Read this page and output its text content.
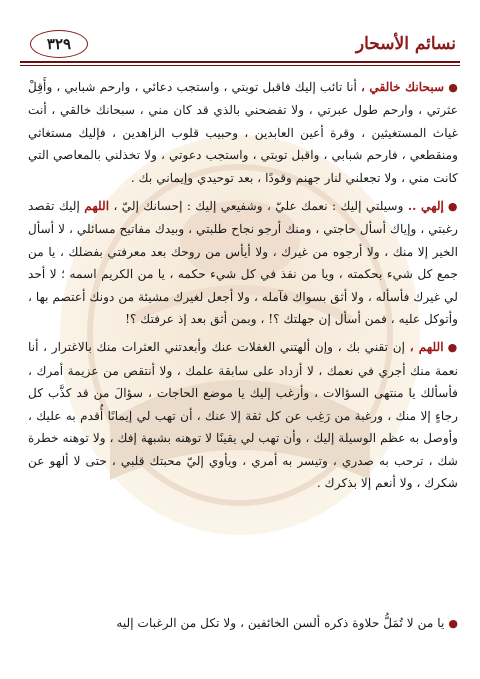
نسائم الأسحار
٣٢٩

●سبحانك خالقي ، أنا تائب إليك فاقبل توبتي ، واستجب دعائي ، وارحم شبابي ، وأَقِلْ عثرتي ، وارحم طول عبرتي ، ولا تفضحني بالذي قد كان مني ، سبحانك خالقي ، أنت غياث المستغيثين ، وقرة أعين العابدين ، وحبيب قلوب الزاهدين ، فإليك مستغاثي ومنقطعي ، فارحم شبابي ، واقبل توبتي ، واستجب دعوتي ، ولا تخذلني بالمعاصي التي كانت مني ، ولا تجعلني لنار جهنم وقودًا ، بعد توحيدي وإيماني بك .

●إلهي .. وسيلتي إليك : نعمك عليّ ، وشفيعي إليك : إحسانك إليّ ، اللهم إليك تقصد رغبتي ، وإياك أسأل حاجتي ، ومنك أرجو نجاح طلبتي ، وبيدك مفاتيح مسائلي ، لا أسأل الخير إلا منك ، ولا أرجوه من غيرك ، ولا أيأس من روحك بعد معرفتي بفضلك ، يا من جمع كل شيء بحكمته ، ويا من نفذ في كل شيء حكمه ، يا من الكريم اسمه ؛ لا أحد لي غيرك فأسأله ، ولا أثق بسواك فآمله ، ولا أجعل لغيرك مشيئة من دونك أعتصم بها ، وأتوكل عليه ، فمن أسأل إن جهلتك ؟! ، وبمن أثق بعد إذ عرفتك ؟!

●اللهم ، إن تقني بك ، وإن ألهتني الغفلات عنك وأبعدتني العثرات منك بالاغترار ، أنا نعمة منك أجري في نعمك ، لا أزداد على سابقة علمك ، ولا أنتقص من عزيمة أمرك ، فأسألك يا منتهى السؤالات ، وأرغب إليك يا موضع الحاجات ، سؤالَ من قد كذَّب كل رجاءٍ إلا منك ، ورغبة من رَغِب عن كل ثقة إلا عنك ، أن تهب لي إيمانًا أُقدم به عليك ، وأوصل به عظم الوسيلة إليك ، وأن تهب لي يقينًا لا توهنه بشبهة إفك ، ولا توهنه خطرة شك ، ترحب به صدري ، وتيسر به أمري ، ويأوي إليّ محبتك قلبي ، حتى لا ألهو عن شكرك ، ولا أنعم إلا بذكرك .

●يا من لا تُمَلُّ حلاوة ذكره ألسن الخائفين ، ولا تكل من الرغبات إليه
